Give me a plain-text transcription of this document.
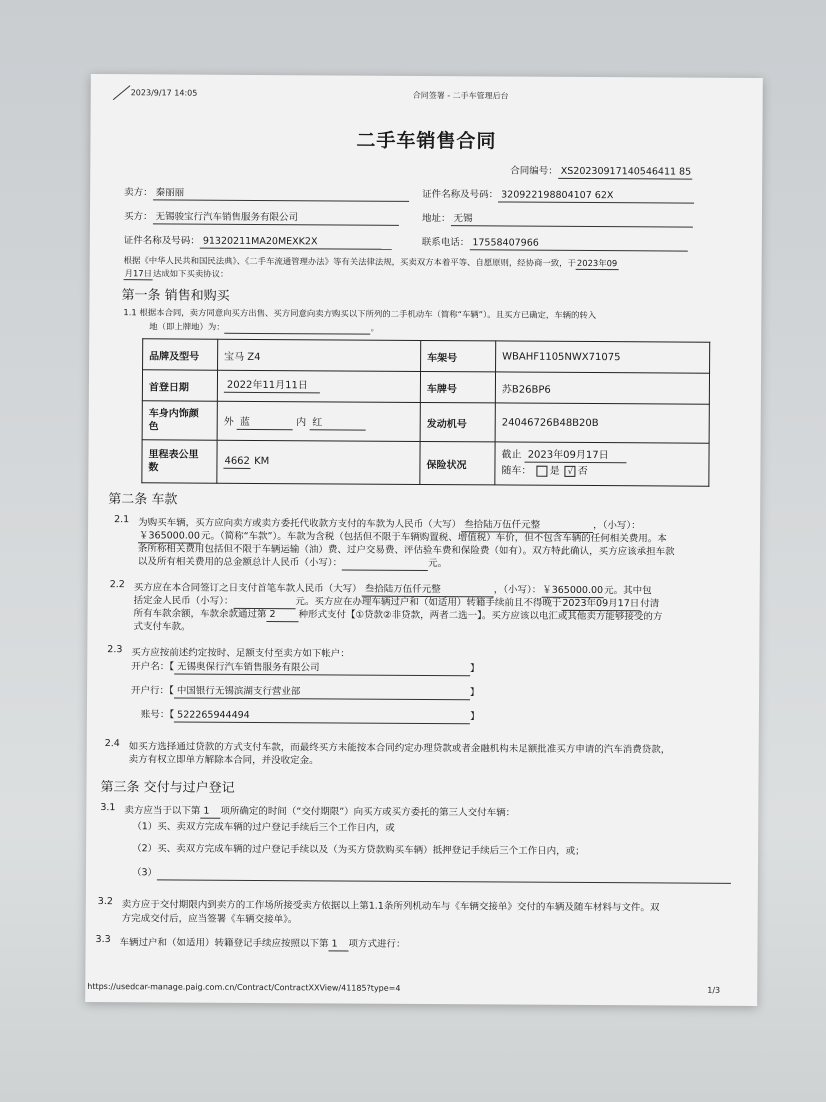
2023/9/17 14:05	合同签署 - 二手车管理后台
二手车销售合同
合同编号： XS20230917140546411 85
卖方： 秦丽丽	证件名称及号码： 320922198804107 62X
买方： 无锡骏宝行汽车销售服务有限公司	地址： 无锡
证件名称及号码： 91320211MA20MEXK2X	联系电话： 17558407966
根据《中华人民共和国民法典》、《二手车流通管理办法》等有关法律法规，买卖双方本着平等、自愿原则，经协商一致，于2023年09
月17日达成如下买卖协议：
第一条 销售和购买
1.1 根据本合同，卖方同意向买方出售、买方同意向卖方购买以下所列的二手机动车（简称“车辆”）。且买方已确定，车辆的转入
地（即上牌地）为：	。
品牌及型号	宝马 Z4	车架号	WBAHF1105NWX71075
首登日期	2022年11月11日	车牌号	苏B26BP6
车身内饰颜
色	外 蓝 内 红	发动机号	24046726B48B20B
里程表公里
数	4662 KM	保险状况	截止 2023年09月17日
随车： 是 √ 否
第二条 车款
2.1 为购买车辆，买方应向卖方或卖方委托代收款方支付的车款为人民币（大写） 叁拾陆万伍仟元整	，（小写）：
￥365000.00元。（简称“车款”）。车款为含税（包括但不限于车辆购置税、增值税）车价，但不包含车辆的任何相关费用。本
条所称相关费用包括但不限于车辆运输（油）费、过户交易费、评估验车费和保险费（如有）。双方特此确认，买方应该承担车款
以及所有相关费用的总金额总计人民币（小写）：	元。
2.2 买方应在本合同签订之日支付首笔车款人民币（大写） 叁拾陆万伍仟元整	，（小写）：￥365000.00元。其中包
括定金人民币（小写）：	元。买方应在办理车辆过户和（如适用）转籍手续前且不得晚于2023年09月17日付清
所有车款余额，车款余款通过第 2 种形式支付【①贷款②非贷款，两者二选一】。买方应该以电汇或其他卖方能够接受的方
式支付车款。
2.3 买方应按前述约定按时、足额支付至卖方如下帐户：
开户名：【 无锡奥保行汽车销售服务有限公司	】
开户行：【 中国银行无锡滨湖支行营业部	】
账号：【 522265944494	】
2.4 如买方选择通过贷款的方式支付车款，而最终买方未能按本合同约定办理贷款或者金融机构未足额批准买方申请的汽车消费贷款，
卖方有权立即单方解除本合同，并没收定金。
第三条 交付与过户登记
3.1 卖方应当于以下第 1 项所确定的时间（“交付期限”）向买方或买方委托的第三人交付车辆：
（1）买、卖双方完成车辆的过户登记手续后三个工作日内，或
（2）买、卖双方完成车辆的过户登记手续以及（为买方贷款购买车辆）抵押登记手续后三个工作日内，或；
（3）
3.2 卖方应于交付期限内到卖方的工作场所接受卖方依据以上第1.1条所列机动车与《车辆交接单》交付的车辆及随车材料与文件。双
方完成交付后，应当签署《车辆交接单》。
3.3 车辆过户和（如适用）转籍登记手续应按照以下第 1 项方式进行：
https://usedcar-manage.paig.com.cn/Contract/ContractXXView/41185?type=4	1/3
